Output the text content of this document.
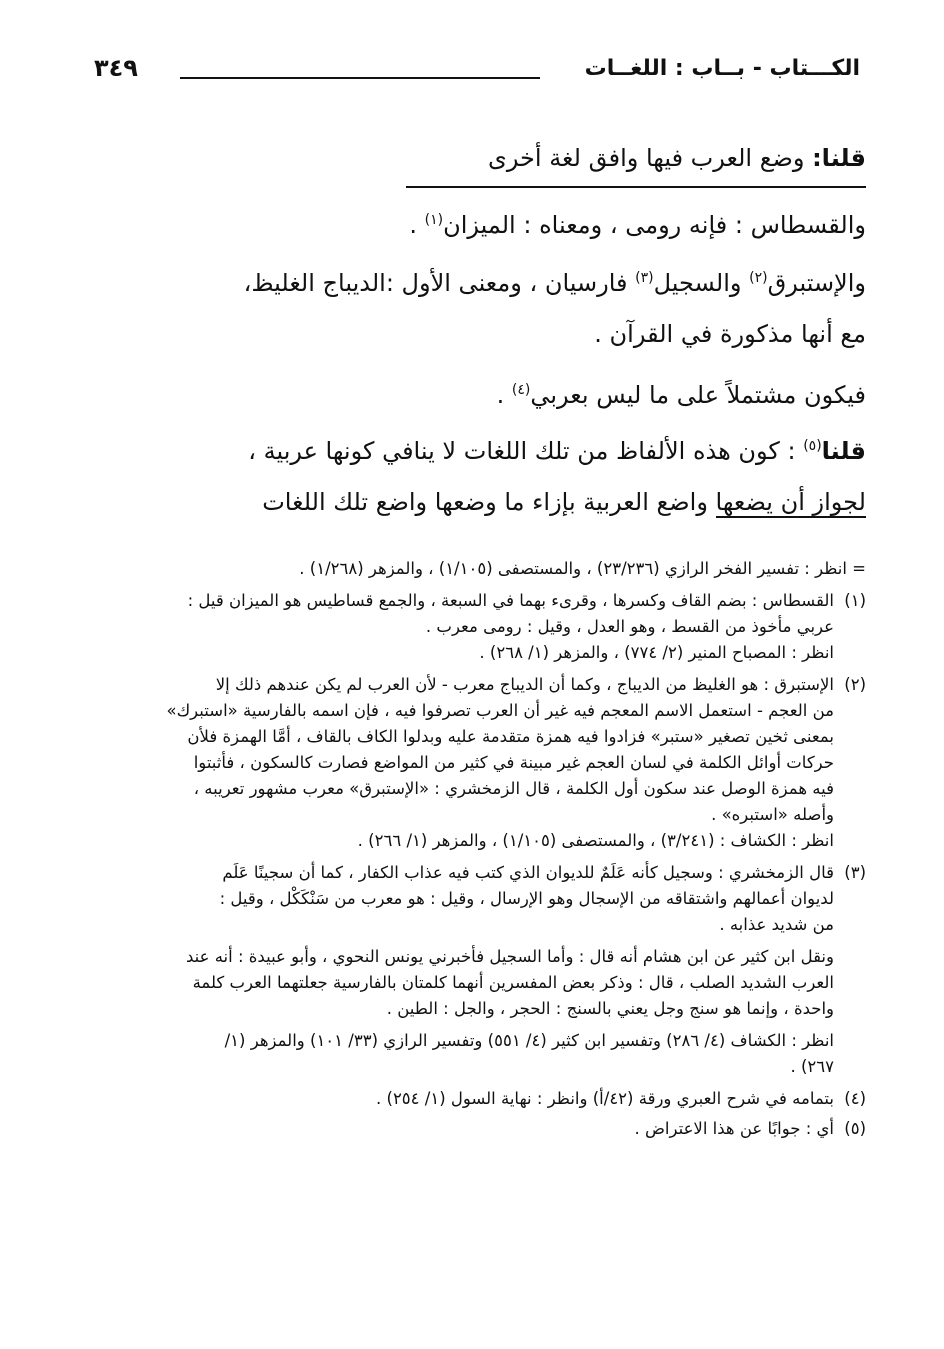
الكـــتاب - بــاب : اللغــات
٣٤٩
قلنا: وضع العرب فيها وافق لغة أخرى
والقسطاس : فإنه رومى ، ومعناه : الميزان$^{(١)}$ .
والإستبرق$^{(٢)}$ والسجيل$^{(٣)}$ فارسيان ، ومعنى الأول :الديباج الغليظ،
مع أنها مذكورة في القرآن .
فيكون مشتملاً على ما ليس بعربي$^{(٤)}$ .
قلنا$^{(٥)}$ : كون هذه الألفاظ من تلك اللغات لا ينافي كونها عربية ،
لجواز أن يضعها واضع العربية بإزاء ما وضعها واضع تلك اللغات
= انظر : تفسير الفخر الرازي (٢٣/٢٣٦) ، والمستصفى (١/١٠٥) ، والمزهر (١/٢٦٨) .
(١)القسطاس : بضم القاف وكسرها ، وقرىء بهما في السبعة ، والجمع قساطيس هو الميزان قيل :
عربي مأخوذ من القسط ، وهو العدل ، وقيل : رومى معرب .
انظر : المصباح المنير (٢/ ٧٧٤) ، والمزهر (١/ ٢٦٨) .
(٢)الإستبرق : هو الغليظ من الديباج ، وكما أن الديباج معرب - لأن العرب لم يكن عندهم ذلك إلا
من العجم - استعمل الاسم المعجم فيه غير أن العرب تصرفوا فيه ، فإن اسمه بالفارسية «استبرك»
بمعنى ثخين تصغير «ستبر» فزادوا فيه همزة متقدمة عليه وبدلوا الكاف بالقاف ، أمَّا الهمزة فلأن
حركات أوائل الكلمة في لسان العجم غير مبينة في كثير من المواضع فصارت كالسكون ، فأثبتوا
فيه همزة الوصل عند سكون أول الكلمة ، قال الزمخشري : «الإستبرق» معرب مشهور تعريبه ،
وأصله «استبره» .
انظر : الكشاف : (٣/٢٤١) ، والمستصفى (١/١٠٥) ، والمزهر (١/ ٢٦٦) .
(٣)قال الزمخشري : وسجيل كأنه عَلَمٌ للديوان الذي كتب فيه عذاب الكفار ، كما أن سجينًا عَلَم
لديوان أعمالهم واشتقاقه من الإسجال وهو الإرسال ، وقيل : هو معرب من سَنْكَكْل ، وقيل :
من شديد عذابه .
ونقل ابن كثير عن ابن هشام أنه قال : وأما السجيل فأخبرني يونس النحوي ، وأبو عبيدة : أنه عند
العرب الشديد الصلب ، قال : وذكر بعض المفسرين أنهما كلمتان بالفارسية جعلتهما العرب كلمة
واحدة ، وإنما هو سنج وجل يعني بالسنج : الحجر ، والجل : الطين .
انظر : الكشاف (٤/ ٢٨٦) وتفسير ابن كثير (٤/ ٥٥١) وتفسير الرازي (٣٣/ ١٠١) والمزهر (١/
٢٦٧) .
(٤)بتمامه في شرح العبري ورقة (٤٢/أ) وانظر : نهاية السول (١/ ٢٥٤) .
(٥)أي : جوابًا عن هذا الاعتراض .
